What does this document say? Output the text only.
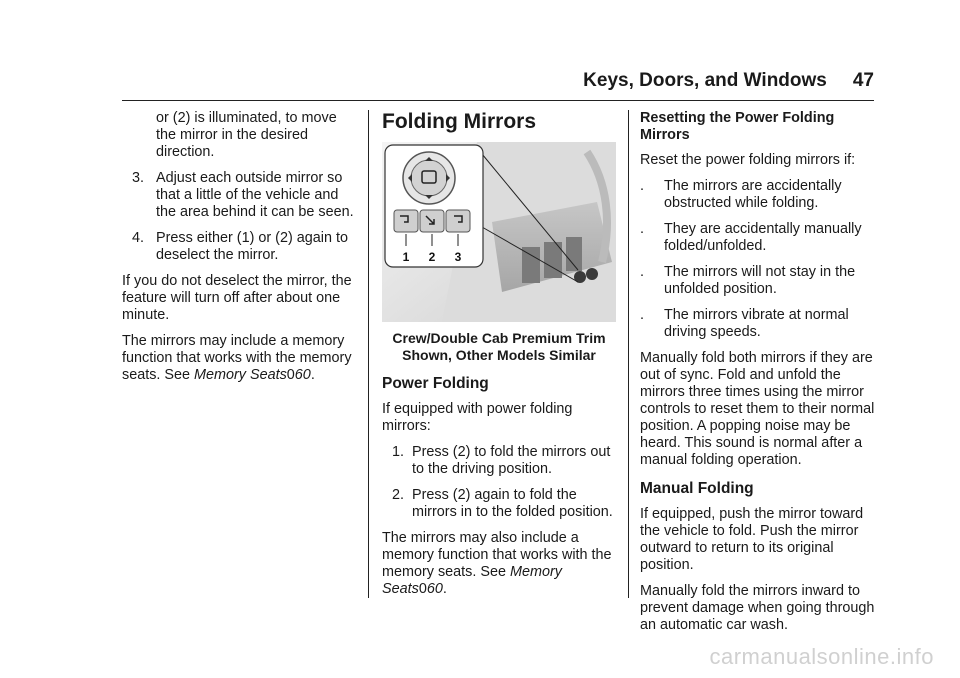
Keys, Doors, and Windows 47

or (2) is illuminated, to move the mirror in the desired direction.

3. Adjust each outside mirror so that a little of the vehicle and the area behind it can be seen.

4. Press either (1) or (2) again to deselect the mirror.

If you do not deselect the mirror, the feature will turn off after about one minute.

The mirrors may include a memory function that works with the memory seats. See Memory Seats060.

Folding Mirrors
1 2 3
Crew/Double Cab Premium Trim
Shown, Other Models Similar
Power Folding

If equipped with power folding mirrors:

1. Press (2) to fold the mirrors out to the driving position.

2. Press (2) again to fold the mirrors in to the folded position.

The mirrors may also include a memory function that works with the memory seats. See Memory Seats060.

Resetting the Power Folding Mirrors

Reset the power folding mirrors if:

. The mirrors are accidentally obstructed while folding.

. They are accidentally manually folded/unfolded.

. The mirrors will not stay in the unfolded position.

. The mirrors vibrate at normal driving speeds.

Manually fold both mirrors if they are out of sync. Fold and unfold the mirrors three times using the mirror controls to reset them to their normal position. A popping noise may be heard. This sound is normal after a manual folding operation.

Manual Folding

If equipped, push the mirror toward the vehicle to fold. Push the mirror outward to return to its original position.

Manually fold the mirrors inward to prevent damage when going through an automatic car wash.

carmanualsonline.info
